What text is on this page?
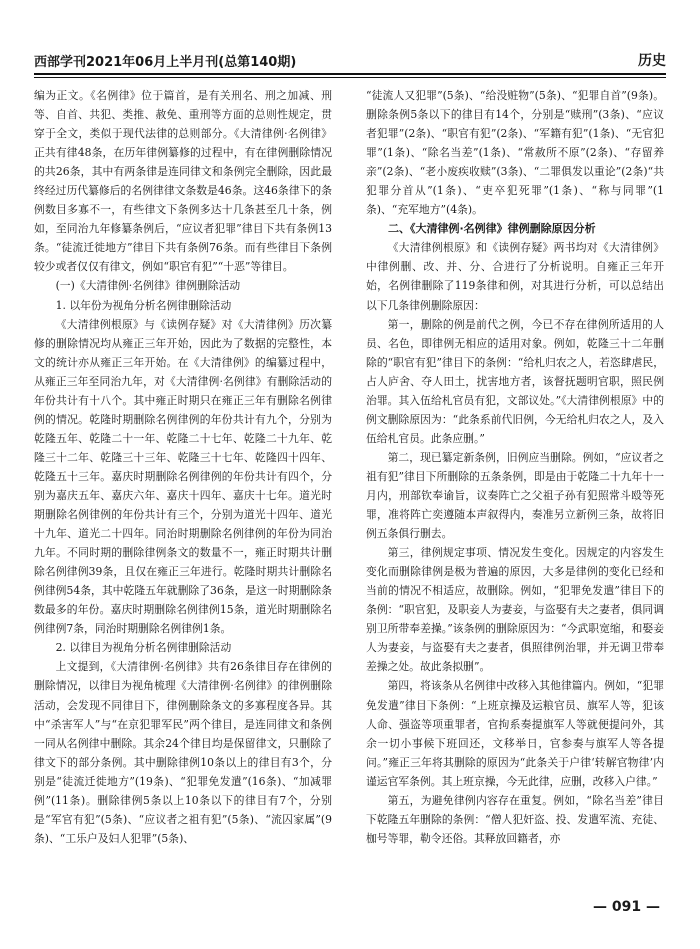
西部学刊2021年06月上半月刊(总第140期)	历史

编为正文。《名例律》位于篇首，是有关刑名、刑之加减、刑等、自首、共犯、类推、赦免、重刑等方面的总则性规定，贯穿于全文，类似于现代法律的总则部分。《大清律例·名例律》正共有律48条，在历年律例纂修的过程中，有在律例删除情况的共26条，其中有两条律是连同律文和条例完全删除，因此最终经过历代纂修后的名例律律文条数是46条。这46条律下的条例数目多寡不一，有些律文下条例多达十几条甚至几十条，例如，至同治九年修纂条例后，“应议者犯罪”律目下共有条例13条。“徒流迁徙地方”律目下共有条例76条。而有些律目下条例较少或者仅仅有律文，例如“职官有犯”“十恶”等律目。

(一)《大清律例·名例律》律例删除活动
1. 以年份为视角分析名例律删除活动

《大清律例根原》与《读例存疑》对《大清律例》历次纂修的删除情况均从雍正三年开始，因此为了数据的完整性，本文的统计亦从雍正三年开始。在《大清律例》的编纂过程中，从雍正三年至同治九年，对《大清律例·名例律》有删除活动的年份共计有十八个。其中雍正时期只在雍正三年有删除名例律例的情况。乾隆时期删除名例律例的年份共计有九个，分别为乾隆五年、乾隆二十一年、乾隆二十七年、乾隆二十九年、乾隆三十二年、乾隆三十三年、乾隆三十七年、乾隆四十四年、乾隆五十三年。嘉庆时期删除名例律例的年份共计有四个，分别为嘉庆五年、嘉庆六年、嘉庆十四年、嘉庆十七年。道光时期删除名例律例的年份共计有三个，分别为道光十四年、道光十九年、道光二十四年。同治时期删除名例律例的年份为同治九年。不同时期的删除律例条文的数量不一，雍正时期共计删除名例律例39条，且仅在雍正三年进行。乾隆时期共计删除名例律例54条，其中乾隆五年就删除了36条，是这一时期删除条数最多的年份。嘉庆时期删除名例律例15条，道光时期删除名例律例7条，同治时期删除名例律例1条。

2. 以律目为视角分析名例律删除活动

上文提到，《大清律例·名例律》共有26条律目存在律例的删除情况，以律目为视角梳理《大清律例·名例律》的律例删除活动，会发现不同律目下，律例删除条文的多寡程度各异。其中“杀害军人”与“在京犯罪军民”两个律目，是连同律文和条例一同从名例律中删除。其余24个律目均是保留律文，只删除了律文下的部分条例。其中删除律例10条以上的律目有3个，分别是“徒流迁徙地方”(19条)、“犯罪免发遣”(16条)、“加减罪例”(11条)。删除律例5条以上10条以下的律目有7个，分别是“军官有犯”(5条)、“应议者之祖有犯”(5条)、“流囚家属”(9条)、“工乐户及妇人犯罪”(5条)、

“徒流人又犯罪”(5条)、“给没赃物”(5条)、“犯罪自首”(9条)。删除条例5条以下的律目有14个，分别是“赎刑”(3条)、“应议者犯罪”(2条)、“职官有犯”(2条)、“军籍有犯”(1条)、“无官犯罪”(1条)、“除名当差”(1条)、“常赦所不原”(2条)、“存留养亲”(2条)、“老小废疾收赎”(3条)、“二罪俱发以重论”(2条)“共犯罪分首从”(1条)、“吏卒犯死罪”(1条)、“称与同罪”(1条)、“充军地方”(4条)。

二、《大清律例·名例律》律例删除原因分析

《大清律例根原》和《读例存疑》两书均对《大清律例》中律例删、改、并、分、合进行了分析说明。自雍正三年开始，名例律删除了119条律和例，对其进行分析，可以总结出以下几条律例删除原因：

第一，删除的例是前代之例，今已不存在律例所适用的人员、名色，即律例无相应的适用对象。例如，乾隆三十二年删除的“职官有犯”律目下的条例：“给札归农之人，若恣肆虐民，占人庐舍、夺人田土，扰害地方者，该督抚题明官职，照民例治罪。其入伍给札官员有犯，文部议处。”《大清律例根原》中的例文删除原因为：“此条系前代旧例，今无给札归农之人，及入伍给札官员。此条应删。”

第二，现已纂定新条例，旧例应当删除。例如，“应议者之祖有犯”律目下所删除的五条条例，即是由于乾隆二十九年十一月内，刑部钦奉谕旨，议奏阵亡之父祖子孙有犯照常斗殴等死罪，准将阵亡奕遵随本声叙得内，奏准另立新例三条，故将旧例五条俱行删去。

第三，律例规定事项、情况发生变化。因规定的内容发生变化而删除律例是极为普遍的原因，大多是律例的变化已经和当前的情况不相适应，故删除。例如，“犯罪免发遣”律目下的条例：“职官犯，及职妾人为妻妾，与盗娶有夫之妻者，俱同调别卫所带奉差操。”该条例的删除原因为：“今武职宽缩，和娶妾人为妻妾，与盗娶有夫之妻者，俱照律例治罪，并无调卫带奉差操之处。故此条拟删”。

第四，将该条从名例律中改移入其他律篇内。例如，“犯罪免发遣”律目下条例：“上班京操及运粮官员、旗军人等，犯该人命、强盗等项重罪者，官拘系奏提旗军人等就便提问外，其余一切小事候下班回还，文移举日，官参奏与旗军人等各提问。”雍正三年将其删除的原因为“此条关于户律‘转解官物律’内谨运官军条例。其上班京操，今无此律，应删，改移入户律。”

第五，为避免律例内容存在重复。例如，“除名当差”律目下乾隆五年删除的条例：“僧人犯奸盗、投、发遣军流、充徒、枷号等罪，勒令还俗。其释放回籍者，亦

— 091 —
